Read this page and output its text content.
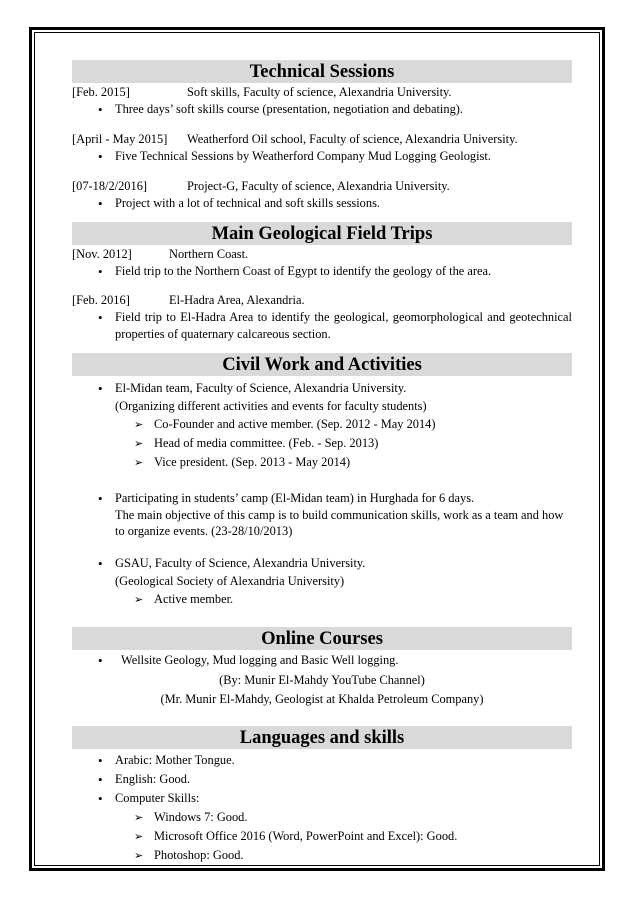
Technical Sessions
[Feb. 2015]	Soft skills, Faculty of science, Alexandria University.
• Three days’ soft skills course (presentation, negotiation and debating).
[April - May 2015] Weatherford Oil school, Faculty of science, Alexandria University.
• Five Technical Sessions by Weatherford Company Mud Logging Geologist.
[07-18/2/2016]	Project-G, Faculty of science, Alexandria University.
• Project with a lot of technical and soft skills sessions.
Main Geological Field Trips
[Nov. 2012]	Northern Coast.
• Field trip to the Northern Coast of Egypt to identify the geology of the area.
[Feb. 2016]	El-Hadra Area, Alexandria.
• Field trip to El-Hadra Area to identify the geological, geomorphological and geotechnical properties of quaternary calcareous section.
Civil Work and Activities
• El-Midan team, Faculty of Science, Alexandria University.
(Organizing different activities and events for faculty students)
➢ Co-Founder and active member. (Sep. 2012 - May 2014)
➢ Head of media committee. (Feb. - Sep. 2013)
➢ Vice president. (Sep. 2013 - May 2014)
• Participating in students’ camp (El-Midan team) in Hurghada for 6 days.
The main objective of this camp is to build communication skills, work as a team and how to organize events. (23-28/10/2013)
• GSAU, Faculty of Science, Alexandria University.
(Geological Society of Alexandria University)
➢ Active member.
Online Courses
• Wellsite Geology, Mud logging and Basic Well logging.
(By: Munir El-Mahdy YouTube Channel)
(Mr. Munir El-Mahdy, Geologist at Khalda Petroleum Company)
Languages and skills
• Arabic: Mother Tongue.
• English: Good.
• Computer Skills:
➢ Windows 7: Good.
➢ Microsoft Office 2016 (Word, PowerPoint and Excel): Good.
➢ Photoshop: Good.
